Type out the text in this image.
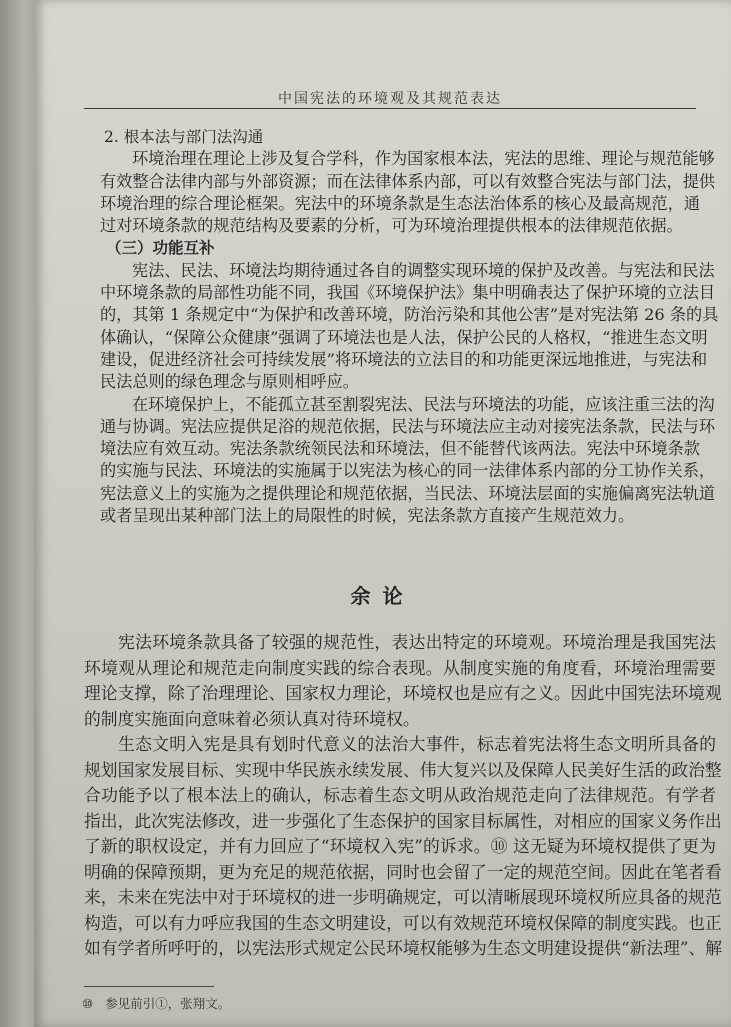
中国宪法的环境观及其规范表达
2. 根本法与部门法沟通
环境治理在理论上涉及复合学科，作为国家根本法，宪法的思维、理论与规范能够
有效整合法律内部与外部资源；而在法律体系内部，可以有效整合宪法与部门法，提供
环境治理的综合理论框架。宪法中的环境条款是生态法治体系的核心及最高规范，通
过对环境条款的规范结构及要素的分析，可为环境治理提供根本的法律规范依据。
（三）功能互补
宪法、民法、环境法均期待通过各自的调整实现环境的保护及改善。与宪法和民法
中环境条款的局部性功能不同，我国《环境保护法》集中明确表达了保护环境的立法目
的，其第 1 条规定中“为保护和改善环境，防治污染和其他公害”是对宪法第 26 条的具
体确认，“保障公众健康”强调了环境法也是人法，保护公民的人格权，“推进生态文明
建设，促进经济社会可持续发展”将环境法的立法目的和功能更深远地推进，与宪法和
民法总则的绿色理念与原则相呼应。
在环境保护上，不能孤立甚至割裂宪法、民法与环境法的功能，应该注重三法的沟
通与协调。宪法应提供足浴的规范依据，民法与环境法应主动对接宪法条款，民法与环
境法应有效互动。宪法条款统领民法和环境法，但不能替代该两法。宪法中环境条款
的实施与民法、环境法的实施属于以宪法为核心的同一法律体系内部的分工协作关系，
宪法意义上的实施为之提供理论和规范依据，当民法、环境法层面的实施偏离宪法轨道
或者呈现出某种部门法上的局限性的时候，宪法条款方直接产生规范效力。
余论
宪法环境条款具备了较强的规范性，表达出特定的环境观。环境治理是我国宪法
环境观从理论和规范走向制度实践的综合表现。从制度实施的角度看，环境治理需要
理论支撑，除了治理理论、国家权力理论，环境权也是应有之义。因此中国宪法环境观
的制度实施面向意味着必须认真对待环境权。
生态文明入宪是具有划时代意义的法治大事件，标志着宪法将生态文明所具备的
规划国家发展目标、实现中华民族永续发展、伟大复兴以及保障人民美好生活的政治整
合功能予以了根本法上的确认，标志着生态文明从政治规范走向了法律规范。有学者
指出，此次宪法修改，进一步强化了生态保护的国家目标属性，对相应的国家义务作出
了新的职权设定，并有力回应了“环境权入宪”的诉求。⑩ 这无疑为环境权提供了更为
明确的保障预期，更为充足的规范依据，同时也会留了一定的规范空间。因此在笔者看
来，未来在宪法中对于环境权的进一步明确规定，可以清晰展现环境权所应具备的规范
构造，可以有力呼应我国的生态文明建设，可以有效规范环境权保障的制度实践。也正
如有学者所呼吁的，以宪法形式规定公民环境权能够为生态文明建设提供“新法理”、解
⑩ 参见前引①，张翔文。
